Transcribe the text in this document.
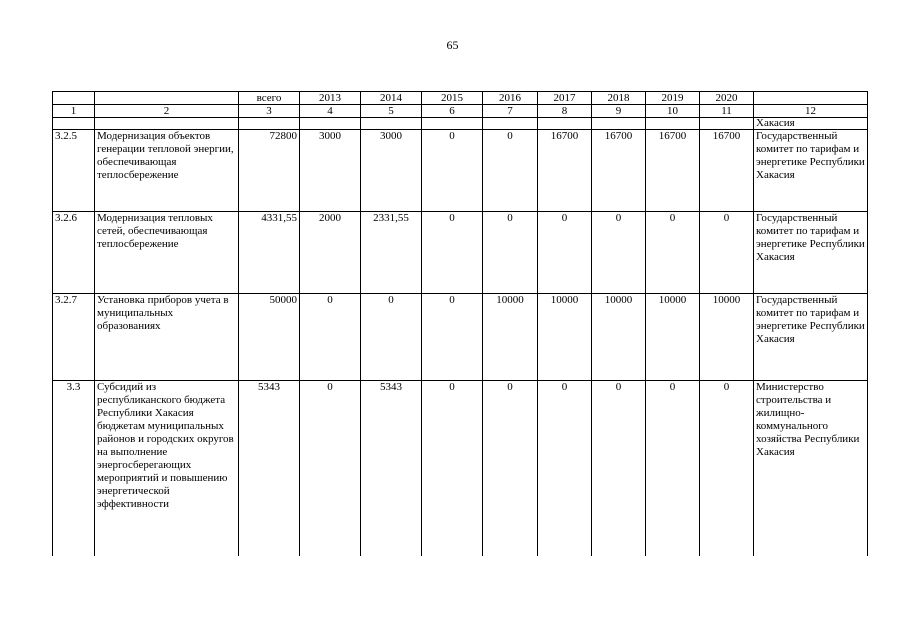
65
		всего	2013	2014	2015	2016	2017	2018	2019	2020	
1	2	3	4	5	6	7	8	9	10	11	12
											Хакасия
3.2.5	Модернизация объектов генерации тепловой энергии, обеспечивающая теплосбережение	72800	3000	3000	0	0	16700	16700	16700	16700	Государственный комитет по тарифам и энергетике Республики Хакасия
3.2.6	Модернизация тепловых сетей, обеспечивающая теплосбережение	4331,55	2000	2331,55	0	0	0	0	0	0	Государственный комитет по тарифам и энергетике Республики Хакасия
3.2.7	Установка приборов учета в муниципальных образованиях	50000	0	0	0	10000	10000	10000	10000	10000	Государственный комитет по тарифам и энергетике Республики Хакасия
3.3	Субсидий из республиканского бюджета Республики Хакасия бюджетам муниципальных районов и городских округов на выполнение энергосберегающих мероприятий и повышению энергетической эффективности	5343	0	5343	0	0	0	0	0	0	Министерство строительства и жилищно-коммунального хозяйства Республики Хакасия
